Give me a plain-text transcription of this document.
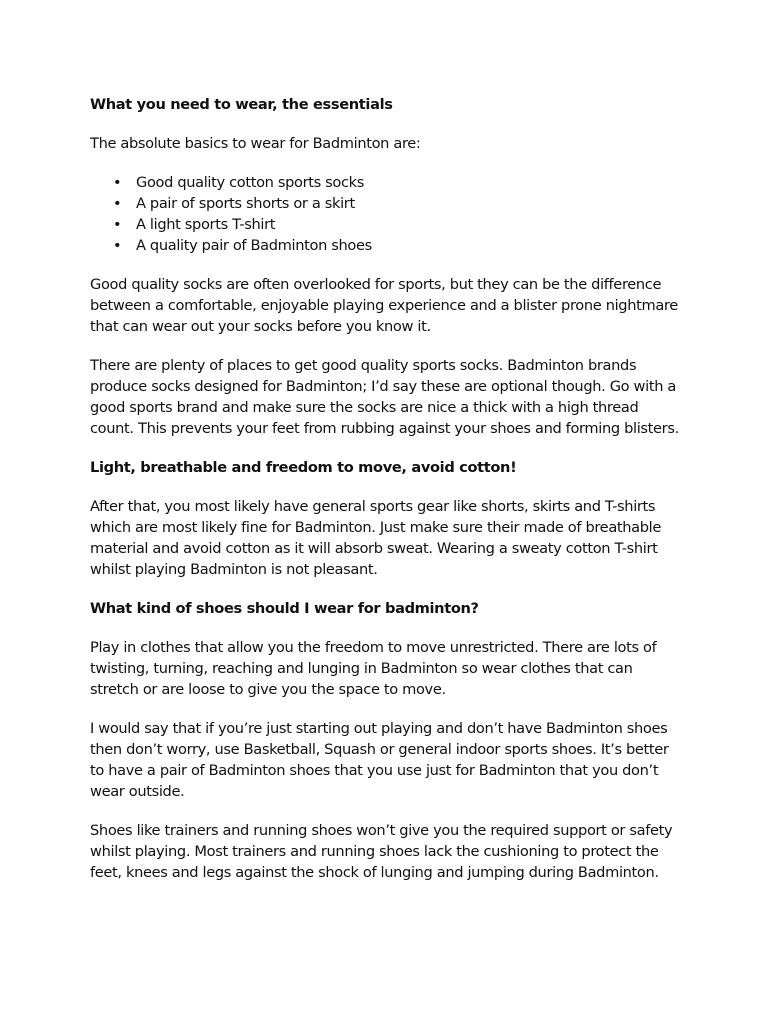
What you need to wear, the essentials

The absolute basics to wear for Badminton are:

• Good quality cotton sports socks
• A pair of sports shorts or a skirt
• A light sports T-shirt
• A quality pair of Badminton shoes

Good quality socks are often overlooked for sports, but they can be the difference between a comfortable, enjoyable playing experience and a blister prone nightmare that can wear out your socks before you know it.

There are plenty of places to get good quality sports socks. Badminton brands produce socks designed for Badminton; I’d say these are optional though. Go with a good sports brand and make sure the socks are nice a thick with a high thread count. This prevents your feet from rubbing against your shoes and forming blisters.

Light, breathable and freedom to move, avoid cotton!

After that, you most likely have general sports gear like shorts, skirts and T-shirts which are most likely fine for Badminton. Just make sure their made of breathable material and avoid cotton as it will absorb sweat. Wearing a sweaty cotton T-shirt whilst playing Badminton is not pleasant.

What kind of shoes should I wear for badminton?

Play in clothes that allow you the freedom to move unrestricted. There are lots of twisting, turning, reaching and lunging in Badminton so wear clothes that can stretch or are loose to give you the space to move.

I would say that if you’re just starting out playing and don’t have Badminton shoes then don’t worry, use Basketball, Squash or general indoor sports shoes. It’s better to have a pair of Badminton shoes that you use just for Badminton that you don’t wear outside.

Shoes like trainers and running shoes won’t give you the required support or safety whilst playing. Most trainers and running shoes lack the cushioning to protect the feet, knees and legs against the shock of lunging and jumping during Badminton.
